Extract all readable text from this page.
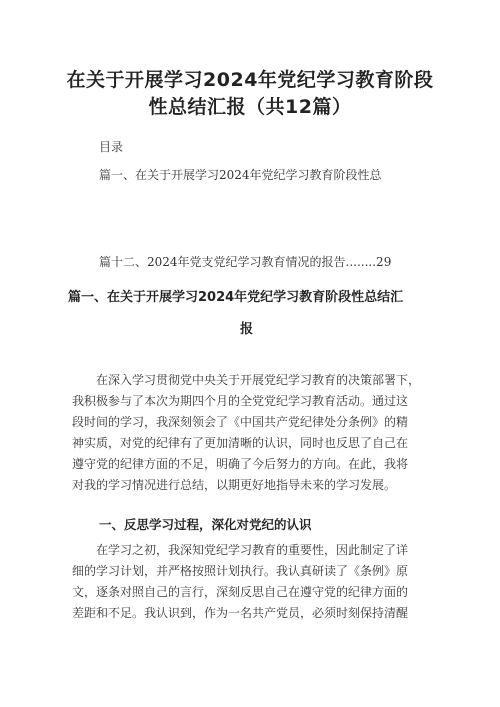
在关于开展学习2024年党纪学习教育阶段
性总结汇报（共12篇）
目录
篇一、在关于开展学习2024年党纪学习教育阶段性总
篇十二、2024年党支党纪学习教育情况的报告........29
篇一、在关于开展学习2024年党纪学习教育阶段性总结汇
报
　　在深入学习贯彻党中央关于开展党纪学习教育的决策部署下，
我积极参与了本次为期四个月的全党党纪学习教育活动。通过这
段时间的学习，我深刻领会了《中国共产党纪律处分条例》的精
神实质，对党的纪律有了更加清晰的认识，同时也反思了自己在
遵守党的纪律方面的不足，明确了今后努力的方向。在此，我将
对我的学习情况进行总结，以期更好地指导未来的学习发展。
一、反思学习过程，深化对党纪的认识
　　在学习之初，我深知党纪学习教育的重要性，因此制定了详
细的学习计划，并严格按照计划执行。我认真研读了《条例》原
文，逐条对照自己的言行，深刻反思自己在遵守党的纪律方面的
差距和不足。我认识到，作为一名共产党员，必须时刻保持清醒
